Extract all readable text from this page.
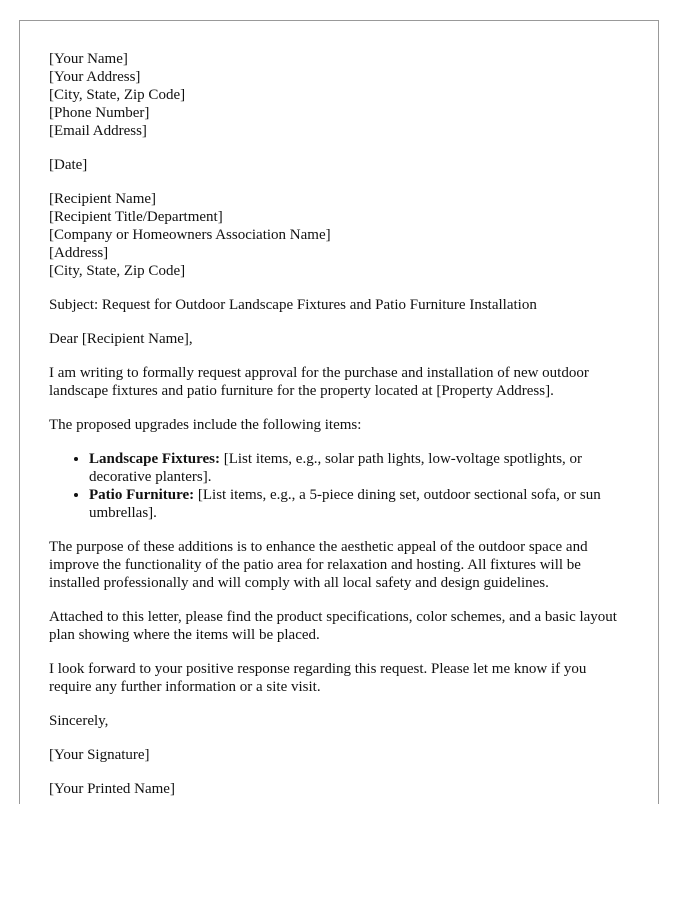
[Your Name]
[Your Address]
[City, State, Zip Code]
[Phone Number]
[Email Address]

[Date]

[Recipient Name]
[Recipient Title/Department]
[Company or Homeowners Association Name]
[Address]
[City, State, Zip Code]

Subject: Request for Outdoor Landscape Fixtures and Patio Furniture Installation

Dear [Recipient Name],

I am writing to formally request approval for the purchase and installation of new outdoor landscape fixtures and patio furniture for the property located at [Property Address].

The proposed upgrades include the following items:

• Landscape Fixtures: [List items, e.g., solar path lights, low-voltage spotlights, or decorative planters].
• Patio Furniture: [List items, e.g., a 5-piece dining set, outdoor sectional sofa, or sun umbrellas].

The purpose of these additions is to enhance the aesthetic appeal of the outdoor space and improve the functionality of the patio area for relaxation and hosting. All fixtures will be installed professionally and will comply with all local safety and design guidelines.

Attached to this letter, please find the product specifications, color schemes, and a basic layout plan showing where the items will be placed.

I look forward to your positive response regarding this request. Please let me know if you require any further information or a site visit.

Sincerely,

[Your Signature]

[Your Printed Name]
